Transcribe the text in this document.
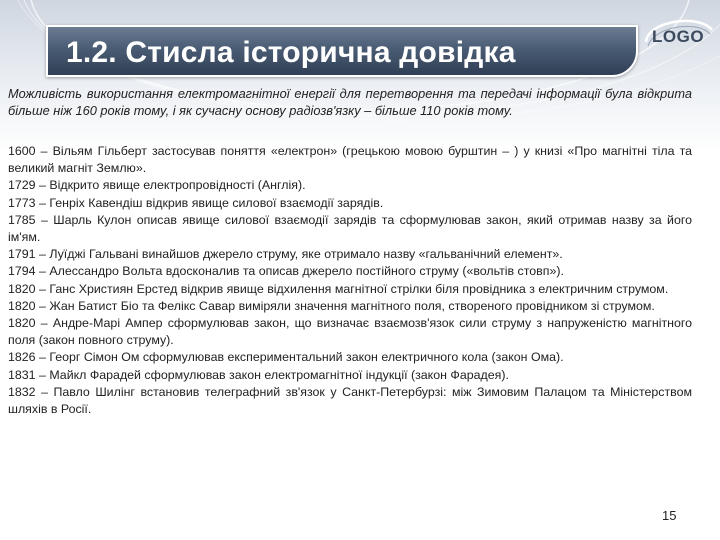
1.2. Стисла історична довідка	LOGO
Можливість використання електромагнітної енергії для перетворення та передачі інформації була відкрита більше ніж 160 років тому, і як сучасну основу радіозв'язку – більше 110 років тому.

1600 – Вільям Гільберт застосував поняття «електрон» (грецькою мовою бурштин – ) у книзі «Про магнітні тіла та великий магніт Землю».

1729 – Відкрито явище електропровідності (Англія).

1773 – Генріх Кавендіш відкрив явище силової взаємодії зарядів.

1785 – Шарль Кулон описав явище силової взаємодії зарядів та сформулював закон, який отримав назву за його ім'ям.

1791 – Луїджі Гальвані винайшов джерело струму, яке отримало назву «гальванічний елемент».

1794 – Алессандро Вольта вдосконалив та описав джерело постійного струму («вольтів стовп»).

1820 – Ганс Християн Ерстед відкрив явище відхилення магнітної стрілки біля провідника з електричним струмом.

1820 – Жан Батист Біо та Фелікс Савар виміряли значення магнітного поля, створеного провідником зі струмом.

1820 – Андре-Марі Ампер сформулював закон, що визначає взаємозв'язок сили струму з напруженістю магнітного поля (закон повного струму).

1826 – Георг Сімон Ом сформулював експериментальний закон електричного кола (закон Ома).

1831 – Майкл Фарадей сформулював закон електромагнітної індукції (закон Фарадея).

1832 – Павло Шилінг встановив телеграфний зв'язок у Санкт-Петербурзі: між Зимовим Палацом та Міністерством шляхів в Росії.

15
